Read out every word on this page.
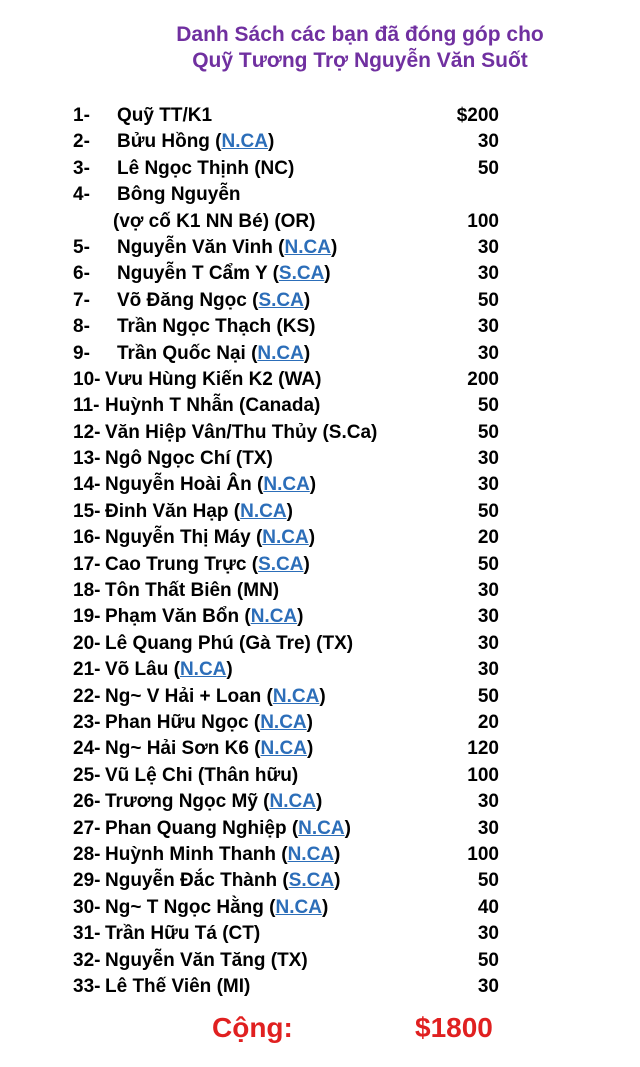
Danh Sách các bạn đã đóng góp cho
Quỹ Tương Trợ Nguyễn Văn Suốt
1- Quỹ TT/K1	$200
2- Bửu Hồng (N.CA)	30
3- Lê Ngọc Thịnh (NC)	50
4- Bông Nguyễn
(vợ cố K1 NN Bé) (OR)	100
5- Nguyễn Văn Vinh (N.CA)	30
6- Nguyễn T Cẩm Y (S.CA)	30
7- Võ Đăng Ngọc (S.CA)	50
8- Trần Ngọc Thạch (KS)	30
9- Trần Quốc Nại (N.CA)	30
10- Vưu Hùng Kiến K2 (WA)	200
11- Huỳnh T Nhẫn (Canada)	50
12- Văn Hiệp Vân/Thu Thủy (S.Ca)	50
13- Ngô Ngọc Chí (TX)	30
14- Nguyễn Hoài Ân (N.CA)	30
15- Đinh Văn Hạp (N.CA)	50
16- Nguyễn Thị Máy (N.CA)	20
17- Cao Trung Trực (S.CA)	50
18- Tôn Thất Biên (MN)	30
19- Phạm Văn Bổn (N.CA)	30
20- Lê Quang Phú (Gà Tre) (TX)	30
21- Võ Lâu (N.CA)	30
22- Ng~ V Hải + Loan (N.CA)	50
23- Phan Hữu Ngọc (N.CA)	20
24- Ng~ Hải Sơn K6 (N.CA)	120
25- Vũ Lệ Chi (Thân hữu)	100
26- Trương Ngọc Mỹ (N.CA)	30
27- Phan Quang Nghiệp (N.CA)	30
28- Huỳnh Minh Thanh (N.CA)	100
29- Nguyễn Đắc Thành (S.CA)	50
30- Ng~ T Ngọc Hằng (N.CA)	40
31- Trần Hữu Tá (CT)	30
32- Nguyễn Văn Tăng (TX)	50
33- Lê Thế Viên (MI)	30
Cộng:	$1800
